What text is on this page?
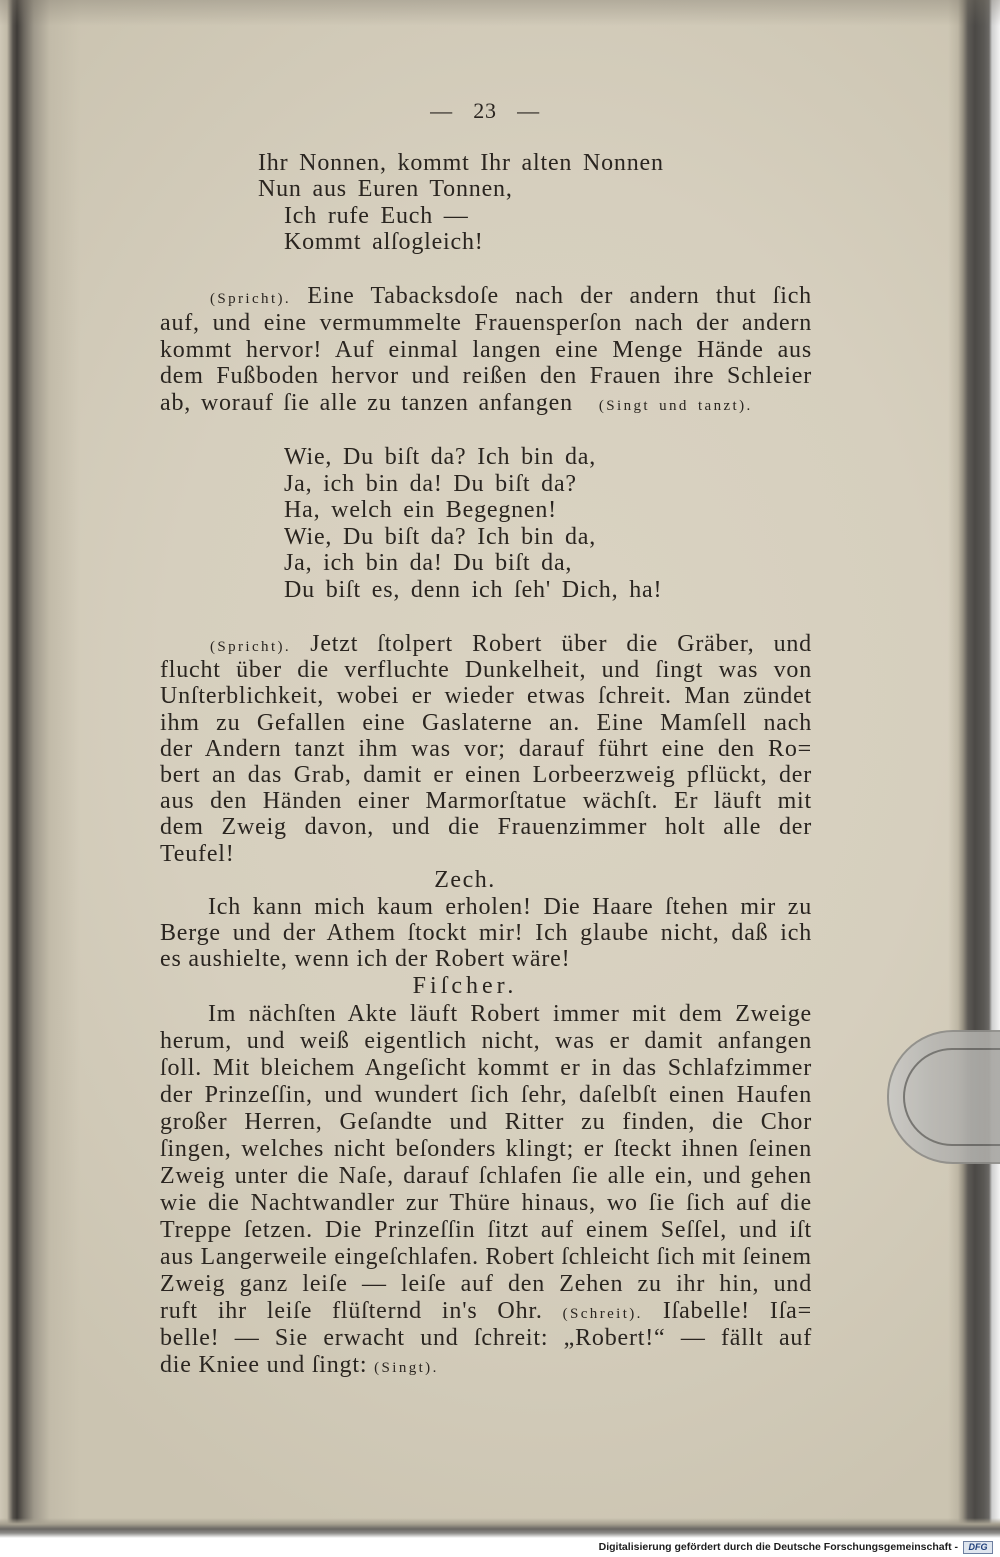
— 23 —
Ihr Nonnen, kommt Ihr alten Nonnen
Nun aus Euren Tonnen,
Ich rufe Euch —
Kommt alſogleich!
(Spricht). Eine Tabacksdoſe nach der andern thut ſich
auf, und eine vermummelte Frauensperſon nach der andern
kommt hervor! Auf einmal langen eine Menge Hände aus
dem Fußboden hervor und reißen den Frauen ihre Schleier
ab, worauf ſie alle zu tanzen anfangen (Singt und tanzt).
Wie, Du biſt da? Ich bin da,
Ja, ich bin da! Du biſt da?
Ha, welch ein Begegnen!
Wie, Du biſt da? Ich bin da,
Ja, ich bin da! Du biſt da,
Du biſt es, denn ich ſeh' Dich, ha!
(Spricht). Jetzt ſtolpert Robert über die Gräber, und
flucht über die verfluchte Dunkelheit, und ſingt was von
Unſterblichkeit, wobei er wieder etwas ſchreit. Man zündet
ihm zu Gefallen eine Gaslaterne an. Eine Mamſell nach
der Andern tanzt ihm was vor; darauf führt eine den Ro=
bert an das Grab, damit er einen Lorbeerzweig pflückt, der
aus den Händen einer Marmorſtatue wächſt. Er läuft mit
dem Zweig davon, und die Frauenzimmer holt alle der
Teufel!
Zech.
Ich kann mich kaum erholen! Die Haare ſtehen mir zu
Berge und der Athem ſtockt mir! Ich glaube nicht, daß ich
es aushielte, wenn ich der Robert wäre!
Fiſcher.
Im nächſten Akte läuft Robert immer mit dem Zweige
herum, und weiß eigentlich nicht, was er damit anfangen
ſoll. Mit bleichem Angeſicht kommt er in das Schlafzimmer
der Prinzeſſin, und wundert ſich ſehr, daſelbſt einen Haufen
großer Herren, Geſandte und Ritter zu finden, die Chor
ſingen, welches nicht beſonders klingt; er ſteckt ihnen ſeinen
Zweig unter die Naſe, darauf ſchlafen ſie alle ein, und gehen
wie die Nachtwandler zur Thüre hinaus, wo ſie ſich auf die
Treppe ſetzen. Die Prinzeſſin ſitzt auf einem Seſſel, und iſt
aus Langerweile eingeſchlafen. Robert ſchleicht ſich mit ſeinem
Zweig ganz leiſe — leiſe auf den Zehen zu ihr hin, und
ruft ihr leiſe flüſternd in's Ohr. (Schreit). Iſabelle! Iſa=
belle! — Sie erwacht und ſchreit: „Robert!“ — fällt auf
die Kniee und ſingt: (Singt).
Digitalisierung gefördert durch die Deutsche Forschungsgemeinschaft -	DFG
